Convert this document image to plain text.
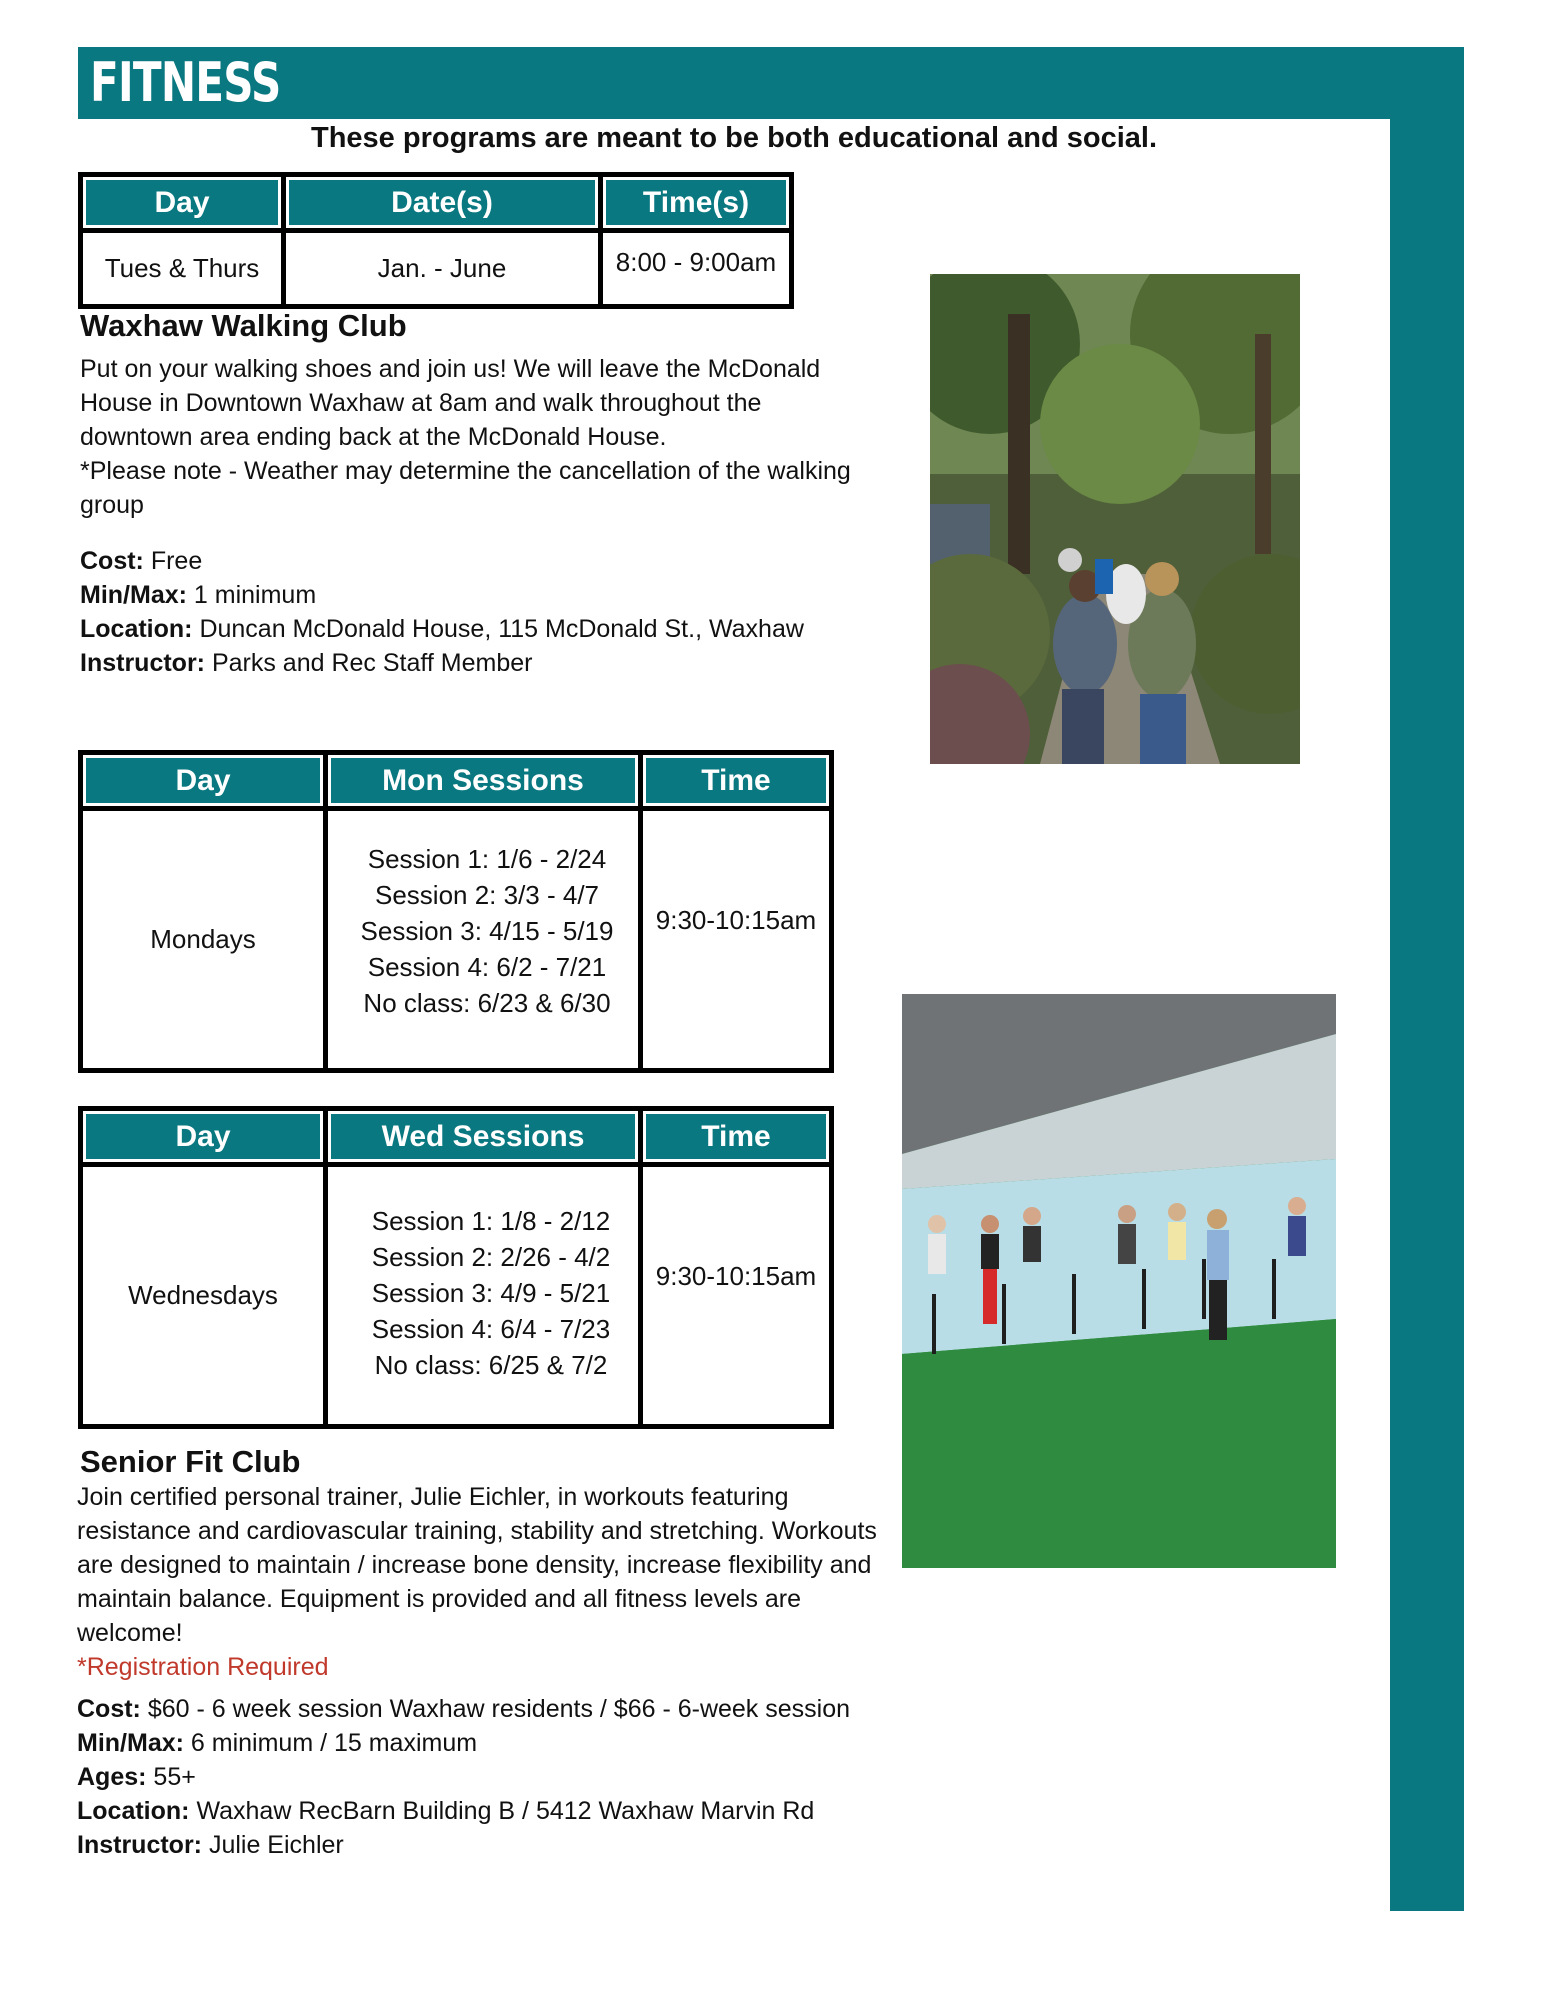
FITNESS
These programs are meant to be both educational and social.
Day	Date(s)	Time(s)
Tues & Thurs	Jan. - June	8:00 - 9:00am
Waxhaw Walking Club
Put on your walking shoes and join us! We will leave the McDonald House in Downtown Waxhaw at 8am and walk throughout the downtown area ending back at the McDonald House.
*Please note - Weather may determine the cancellation of the walking group
Cost: Free
Min/Max: 1 minimum
Location: Duncan McDonald House, 115 McDonald St., Waxhaw
Instructor: Parks and Rec Staff Member
Day	Mon Sessions	Time
Mondays	Session 1: 1/6 - 2/24
Session 2: 3/3 - 4/7
Session 3: 4/15 - 5/19
Session 4: 6/2 - 7/21
No class: 6/23 & 6/30	9:30-10:15am
Day	Wed Sessions	Time
Wednesdays	Session 1: 1/8 - 2/12
Session 2: 2/26 - 4/2
Session 3: 4/9 - 5/21
Session 4: 6/4 - 7/23
No class: 6/25 & 7/2	9:30-10:15am
Senior Fit Club
Join certified personal trainer, Julie Eichler, in workouts featuring resistance and cardiovascular training, stability and stretching. Workouts are designed to maintain / increase bone density, increase flexibility and maintain balance. Equipment is provided and all fitness levels are welcome!
*Registration Required
Cost: $60 - 6 week session Waxhaw residents / $66 - 6-week session
Min/Max: 6 minimum / 15 maximum
Ages: 55+
Location: Waxhaw RecBarn Building B / 5412 Waxhaw Marvin Rd
Instructor: Julie Eichler
